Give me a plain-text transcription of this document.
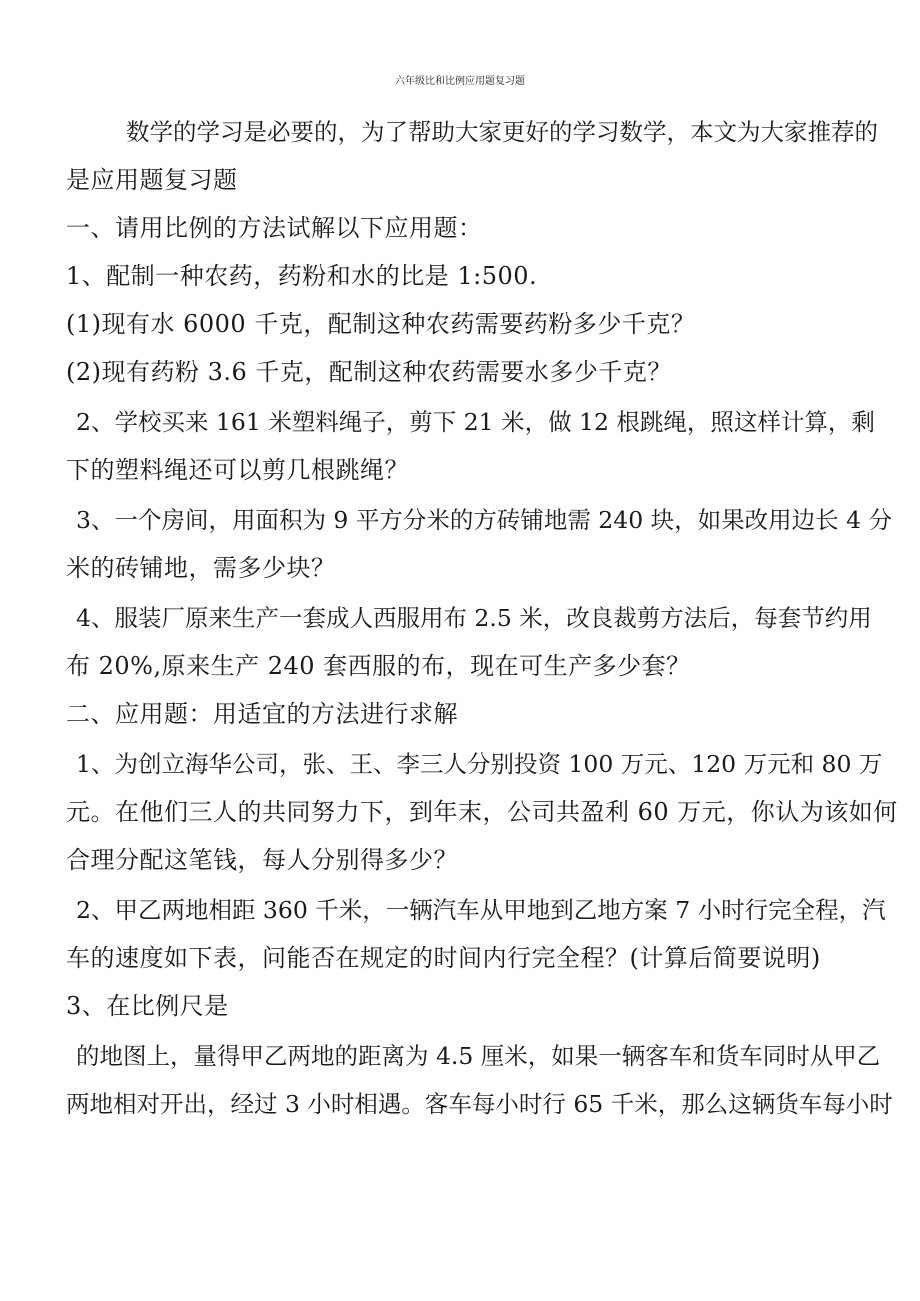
六年级比和比例应用题复习题
数学的学习是必要的，为了帮助大家更好的学习数学，本文为大家推荐的
是应用题复习题
一、请用比例的方法试解以下应用题：
1、配制一种农药，药粉和水的比是 1:500.
(1)现有水 6000 千克，配制这种农药需要药粉多少千克？
(2)现有药粉 3.6 千克，配制这种农药需要水多少千克？
2、学校买来 161 米塑料绳子，剪下 21 米，做 12 根跳绳，照这样计算，剩
下的塑料绳还可以剪几根跳绳？
3、一个房间，用面积为 9 平方分米的方砖铺地需 240 块，如果改用边长 4 分
米的砖铺地，需多少块？
4、服装厂原来生产一套成人西服用布 2.5 米，改良裁剪方法后，每套节约用
布 20%,原来生产 240 套西服的布，现在可生产多少套？
二、应用题：用适宜的方法进行求解
1、为创立海华公司，张、王、李三人分别投资 100 万元、120 万元和 80 万
元。在他们三人的共同努力下，到年末，公司共盈利 60 万元，你认为该如何
合理分配这笔钱，每人分别得多少？
2、甲乙两地相距 360 千米，一辆汽车从甲地到乙地方案 7 小时行完全程，汽
车的速度如下表，问能否在规定的时间内行完全程？(计算后简要说明)
3、在比例尺是
的地图上，量得甲乙两地的距离为 4.5 厘米，如果一辆客车和货车同时从甲乙
两地相对开出，经过 3 小时相遇。客车每小时行 65 千米，那么这辆货车每小时
